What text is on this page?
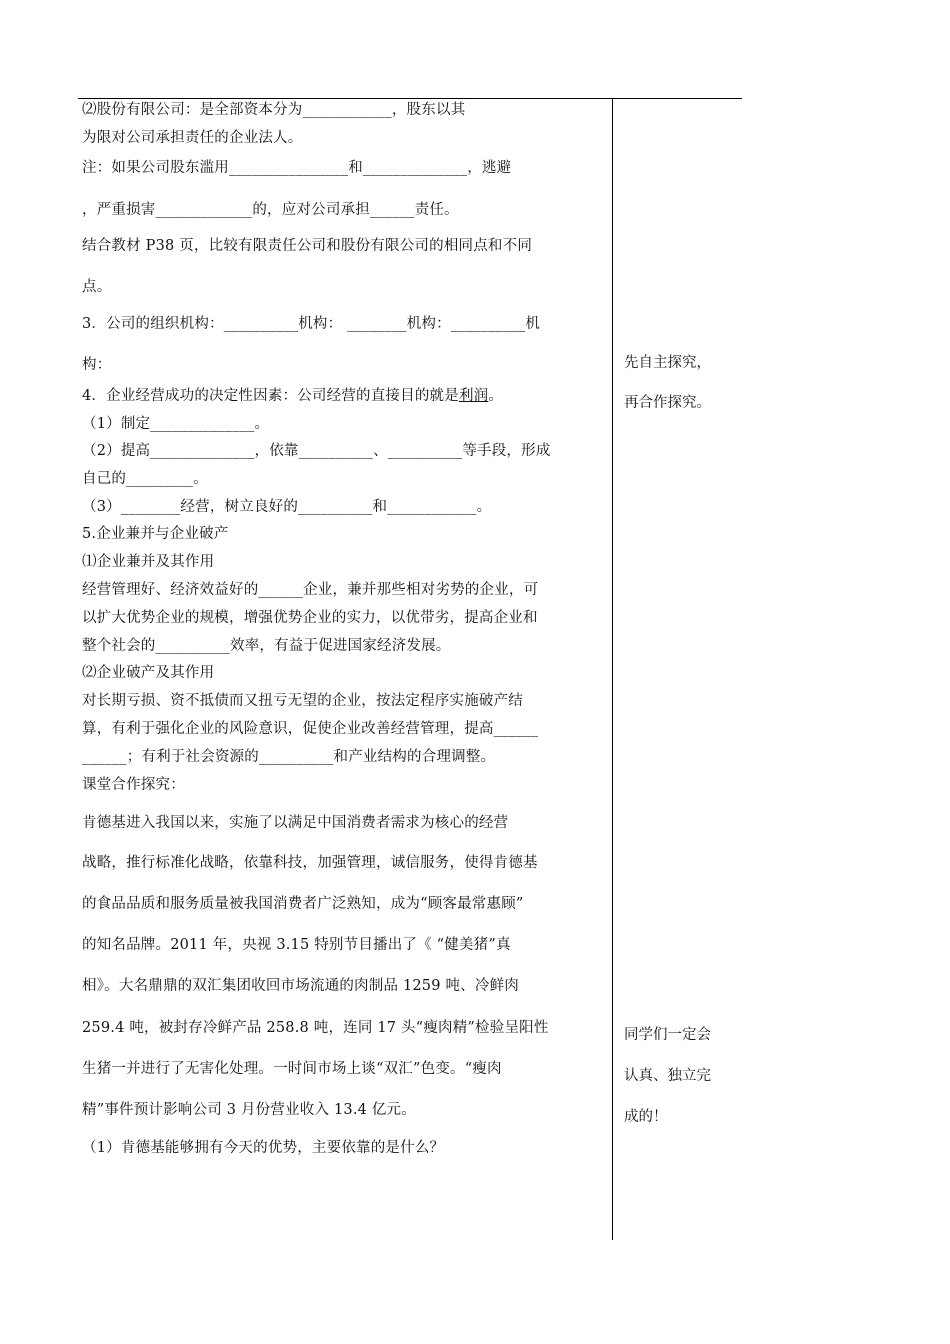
⑵股份有限公司：是全部资本分为____________，股东以其
为限对公司承担责任的企业法人。
注：如果公司股东滥用________________和______________，逃避
，严重损害_____________的，应对公司承担______责任。
结合教材 P38 页，比较有限责任公司和股份有限公司的相同点和不同
点。
3．公司的组织机构：__________机构： ________机构：__________机
构：
4．企业经营成功的决定性因素：公司经营的直接目的就是利润。
（1）制定______________。
（2）提高______________，依靠__________、__________等手段，形成
自己的_________。
（3）________经营，树立良好的__________和____________。
5.企业兼并与企业破产
⑴企业兼并及其作用
经营管理好、经济效益好的______企业，兼并那些相对劣势的企业，可
以扩大优势企业的规模，增强优势企业的实力，以优带劣，提高企业和
整个社会的__________效率，有益于促进国家经济发展。
⑵企业破产及其作用
对长期亏损、资不抵债而又扭亏无望的企业，按法定程序实施破产结
算，有利于强化企业的风险意识，促使企业改善经营管理，提高______
______；有利于社会资源的__________和产业结构的合理调整。
课堂合作探究：
肯德基进入我国以来，实施了以满足中国消费者需求为核心的经营
战略，推行标准化战略，依靠科技，加强管理，诚信服务，使得肯德基
的食品品质和服务质量被我国消费者广泛熟知，成为“顾客最常惠顾”
的知名品牌。2011 年，央视 3.15 特别节目播出了《 “健美猪”真
相》。大名鼎鼎的双汇集团收回市场流通的肉制品 1259 吨、冷鲜肉
259.4 吨，被封存冷鲜产品 258.8 吨，连同 17 头“瘦肉精”检验呈阳性
生猪一并进行了无害化处理。一时间市场上谈“双汇”色变。“瘦肉
精”事件预计影响公司 3 月份营业收入 13.4 亿元。
（1）肯德基能够拥有今天的优势，主要依靠的是什么？
先自主探究，
再合作探究。
同学们一定会
认真、独立完
成的！
